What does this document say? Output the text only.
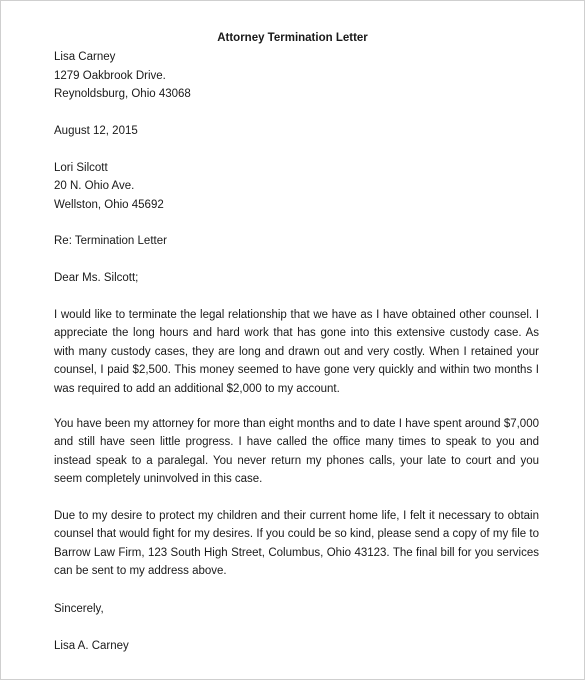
Attorney Termination Letter
Lisa Carney
1279 Oakbrook Drive.
Reynoldsburg, Ohio 43068
August 12, 2015
Lori Silcott
20 N. Ohio Ave.
Wellston, Ohio 45692
Re: Termination Letter
Dear Ms. Silcott;
I would like to terminate the legal relationship that we have as I have obtained other counsel. I appreciate the long hours and hard work that has gone into this extensive custody case. As with many custody cases, they are long and drawn out and very costly. When I retained your counsel, I paid $2,500. This money seemed to have gone very quickly and within two months I was required to add an additional $2,000 to my account.
You have been my attorney for more than eight months and to date I have spent around $7,000 and still have seen little progress. I have called the office many times to speak to you and instead speak to a paralegal. You never return my phones calls, your late to court and you seem completely uninvolved in this case.
Due to my desire to protect my children and their current home life, I felt it necessary to obtain counsel that would fight for my desires. If you could be so kind, please send a copy of my file to Barrow Law Firm, 123 South High Street, Columbus, Ohio 43123. The final bill for you services can be sent to my address above.
Sincerely,
Lisa A. Carney
